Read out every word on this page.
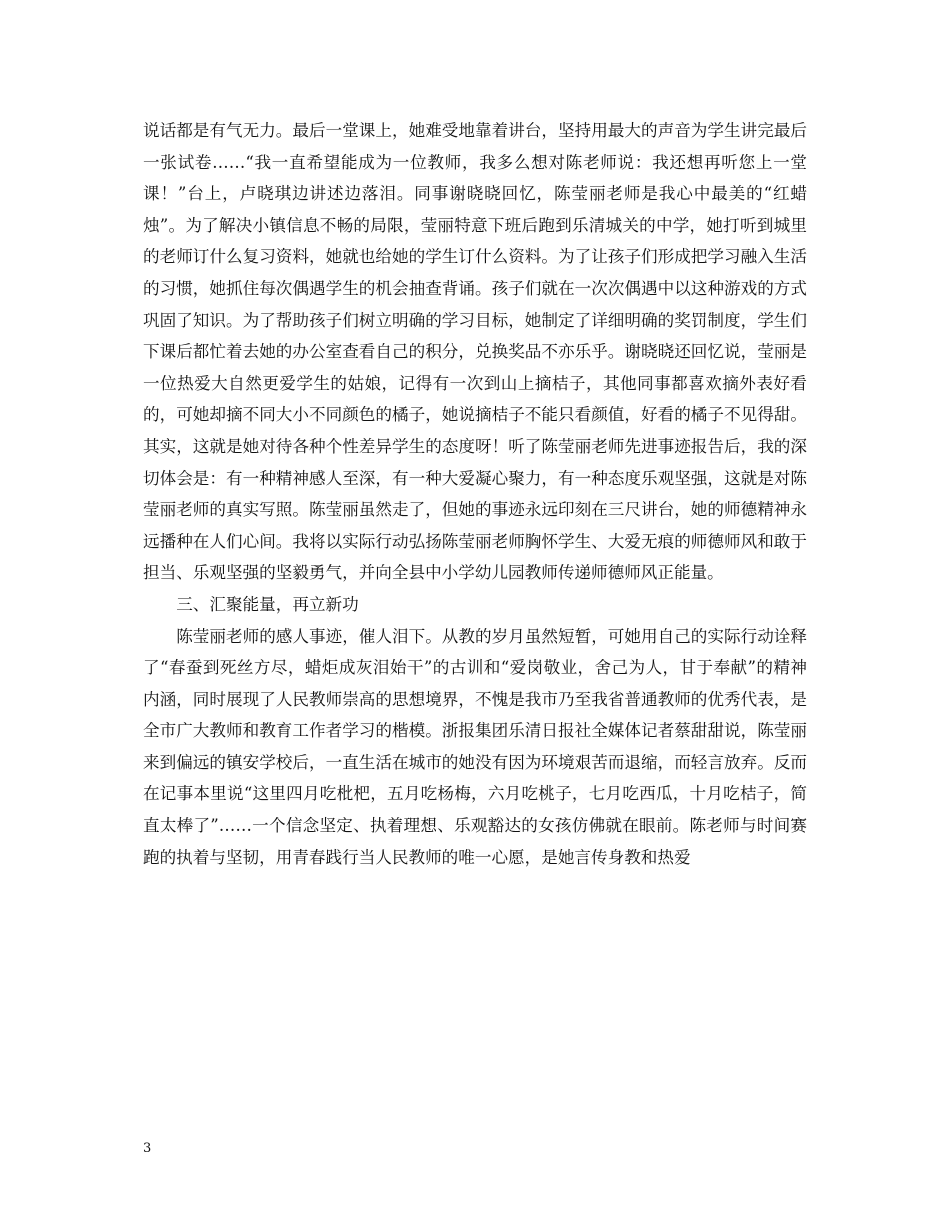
说话都是有气无力。最后一堂课上，她难受地靠着讲台，坚持用最大的声音为学生讲完最后一张试卷……“我一直希望能成为一位教师，我多么想对陈老师说：我还想再听您上一堂课！”台上，卢晓琪边讲述边落泪。同事谢晓晓回忆，陈莹丽老师是我心中最美的“红蜡烛”。为了解决小镇信息不畅的局限，莹丽特意下班后跑到乐清城关的中学，她打听到城里的老师订什么复习资料，她就也给她的学生订什么资料。为了让孩子们形成把学习融入生活的习惯，她抓住每次偶遇学生的机会抽查背诵。孩子们就在一次次偶遇中以这种游戏的方式巩固了知识。为了帮助孩子们树立明确的学习目标，她制定了详细明确的奖罚制度，学生们下课后都忙着去她的办公室查看自己的积分，兑换奖品不亦乐乎。谢晓晓还回忆说，莹丽是一位热爱大自然更爱学生的姑娘，记得有一次到山上摘桔子，其他同事都喜欢摘外表好看的，可她却摘不同大小不同颜色的橘子，她说摘桔子不能只看颜值，好看的橘子不见得甜。其实，这就是她对待各种个性差异学生的态度呀！听了陈莹丽老师先进事迹报告后，我的深切体会是：有一种精神感人至深，有一种大爱凝心聚力，有一种态度乐观坚强，这就是对陈莹丽老师的真实写照。陈莹丽虽然走了，但她的事迹永远印刻在三尺讲台，她的师德精神永远播种在人们心间。我将以实际行动弘扬陈莹丽老师胸怀学生、大爱无痕的师德师风和敢于担当、乐观坚强的坚毅勇气，并向全县中小学幼儿园教师传递师德师风正能量。

三、汇聚能量，再立新功

陈莹丽老师的感人事迹，催人泪下。从教的岁月虽然短暂，可她用自己的实际行动诠释了“春蚕到死丝方尽，蜡炬成灰泪始干”的古训和“爱岗敬业，舍己为人，甘于奉献”的精神内涵，同时展现了人民教师崇高的思想境界，不愧是我市乃至我省普通教师的优秀代表，是全市广大教师和教育工作者学习的楷模。浙报集团乐清日报社全媒体记者蔡甜甜说，陈莹丽来到偏远的镇安学校后，一直生活在城市的她没有因为环境艰苦而退缩，而轻言放弃。反而在记事本里说“这里四月吃枇杷，五月吃杨梅，六月吃桃子，七月吃西瓜，十月吃桔子，简直太棒了”……一个信念坚定、执着理想、乐观豁达的女孩仿佛就在眼前。陈老师与时间赛跑的执着与坚韧，用青春践行当人民教师的唯一心愿，是她言传身教和热爱

3
